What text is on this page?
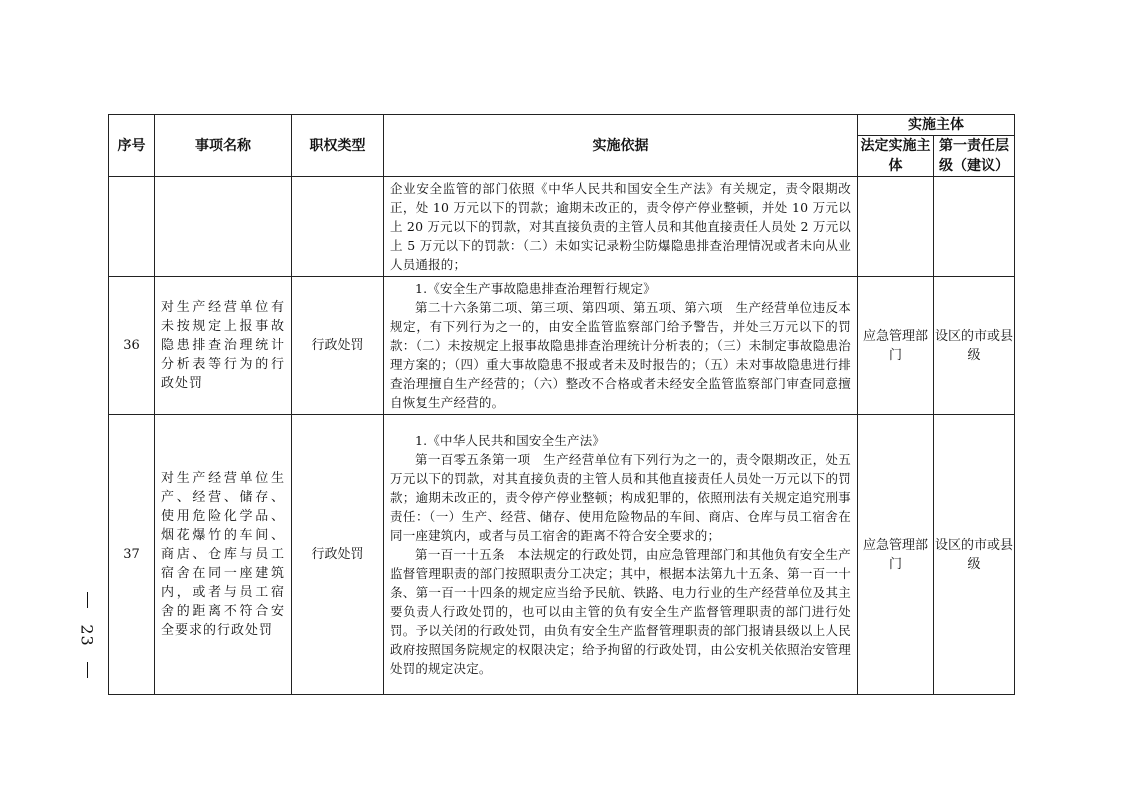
序号	事项名称	职权类型	实施依据	实施主体	
				法定实施主体	第一责任层级（建议）

			企业安全监管的部门依照《中华人民共和国安全生产法》有关规定，责令限期改正，处 10 万元以下的罚款；逾期未改正的，责令停产停业整顿，并处 10 万元以上 20 万元以下的罚款，对其直接负责的主管人员和其他直接责任人员处 2 万元以上 5 万元以下的罚款：（二）未如实记录粉尘防爆隐患排查治理情况或者未向从业人员通报的；		

36	对生产经营单位有未按规定上报事故隐患排查治理统计分析表等行为的行政处罚	行政处罚	1.《安全生产事故隐患排查治理暂行规定》

第二十六条第二项、第三项、第四项、第五项、第六项　生产经营单位违反本规定，有下列行为之一的，由安全监管监察部门给予警告，并处三万元以下的罚款：（二）未按规定上报事故隐患排查治理统计分析表的；（三）未制定事故隐患治理方案的；（四）重大事故隐患不报或者未及时报告的；（五）未对事故隐患进行排查治理擅自生产经营的；（六）整改不合格或者未经安全监管监察部门审查同意擅自恢复生产经营的。	应急管理部门	设区的市或县级
37	对生产经营单位生产、经营、储存、使用危险化学品、烟花爆竹的车间、商店、仓库与员工宿舍在同一座建筑内，或者与员工宿舍的距离不符合安全要求的行政处罚	行政处罚	1.《中华人民共和国安全生产法》

第一百零五条第一项　生产经营单位有下列行为之一的，责令限期改正，处五万元以下的罚款，对其直接负责的主管人员和其他直接责任人员处一万元以下的罚款；逾期未改正的，责令停产停业整顿；构成犯罪的，依照刑法有关规定追究刑事责任：（一）生产、经营、储存、使用危险物品的车间、商店、仓库与员工宿舍在同一座建筑内，或者与员工宿舍的距离不符合安全要求的；

第一百一十五条　本法规定的行政处罚，由应急管理部门和其他负有安全生产监督管理职责的部门按照职责分工决定；其中，根据本法第九十五条、第一百一十条、第一百一十四条的规定应当给予民航、铁路、电力行业的生产经营单位及其主要负责人行政处罚的，也可以由主管的负有安全生产监督管理职责的部门进行处罚。予以关闭的行政处罚，由负有安全生产监督管理职责的部门报请县级以上人民政府按照国务院规定的权限决定；给予拘留的行政处罚，由公安机关依照治安管理处罚的规定决定。	应急管理部门	设区的市或县级
23
